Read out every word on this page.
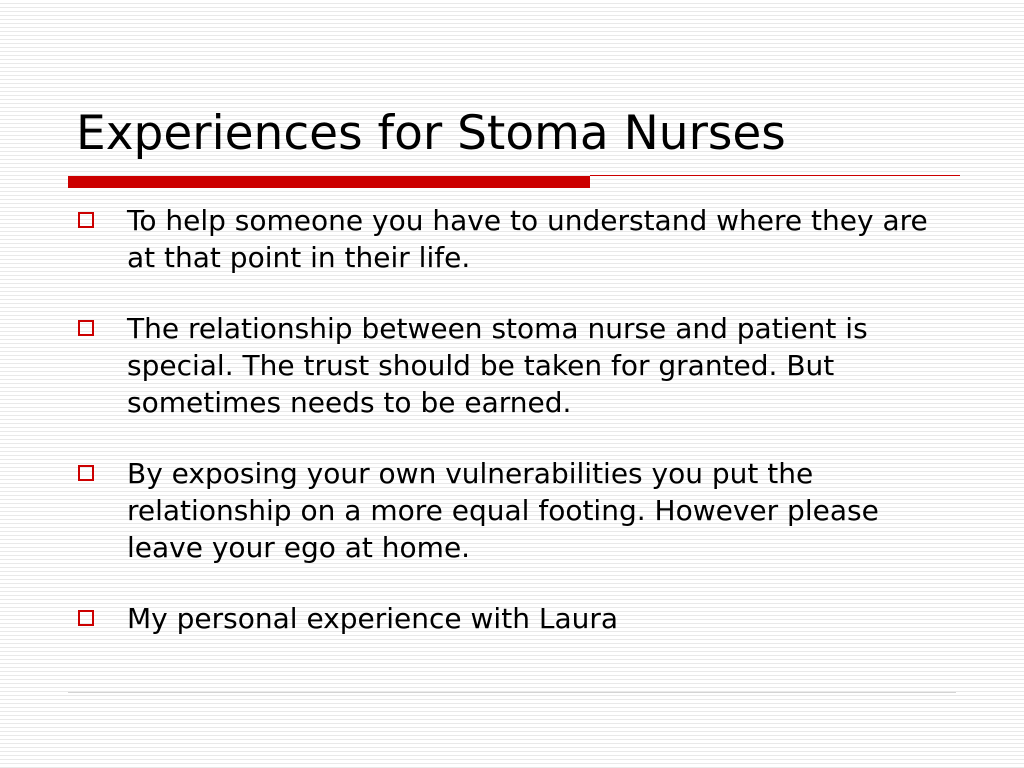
Experiences for Stoma Nurses
To help someone you have to understand where they are at that point in their life.
The relationship between stoma nurse and patient is special. The trust should be taken for granted. But sometimes needs to be earned.
By exposing your own vulnerabilities you put the relationship on a more equal footing. However please leave your ego at home.
My personal experience with Laura
